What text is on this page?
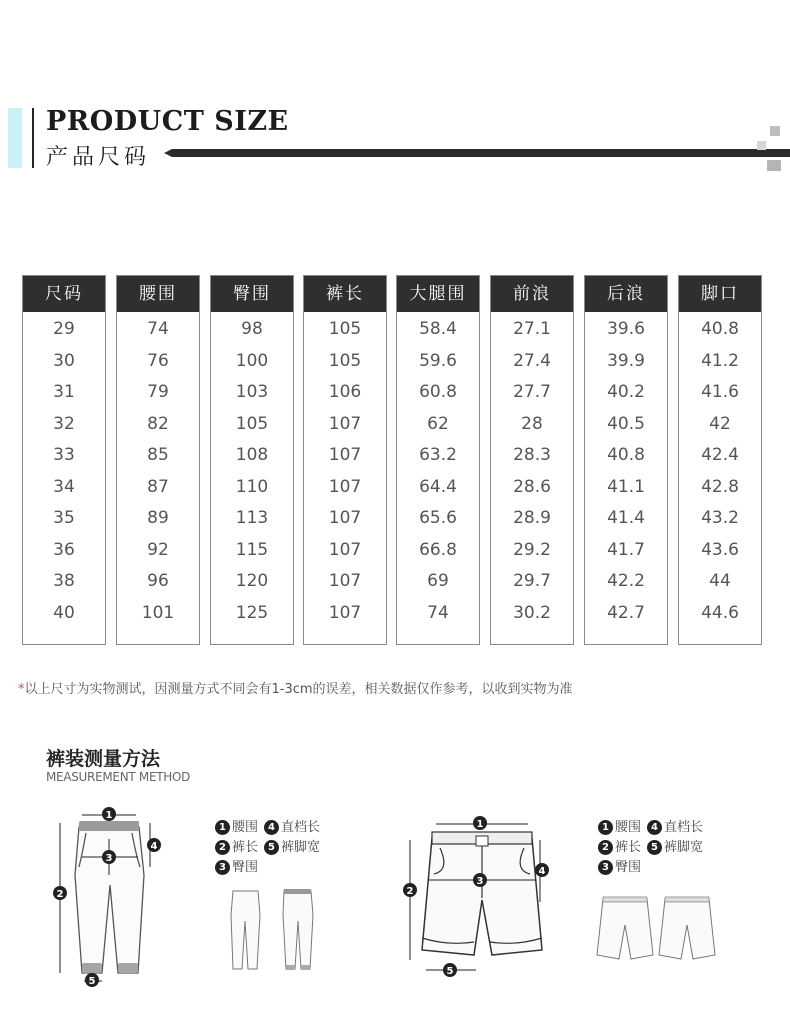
PRODUCT SIZE
产品尺码
尺码
29
30
31
32
33
34
35
36
38
40
腰围
74
76
79
82
85
87
89
92
96
101
臀围
98
100
103
105
108
110
113
115
120
125
裤长
105
105
106
107
107
107
107
107
107
107
大腿围
58.4
59.6
60.8
62
63.2
64.4
65.6
66.8
69
74
前浪
27.1
27.4
27.7
28
28.3
28.6
28.9
29.2
29.7
30.2
后浪
39.6
39.9
40.2
40.5
40.8
41.1
41.4
41.7
42.2
42.7
脚口
40.8
41.2
41.6
42
42.4
42.8
43.2
43.6
44
44.6
*以上尺寸为实物测试，因测量方式不同会有1-3cm的误差，相关数据仅作参考，以收到实物为准
裤装测量方法
MEASUREMENT METHOD
1
2
3
4
5
1 腰围 4 直档长
2 裤长 5 裤脚宽
3 臀围
1
2
3
4
5
1 腰围 4 直档长
2 裤长 5 裤脚宽
3 臀围
